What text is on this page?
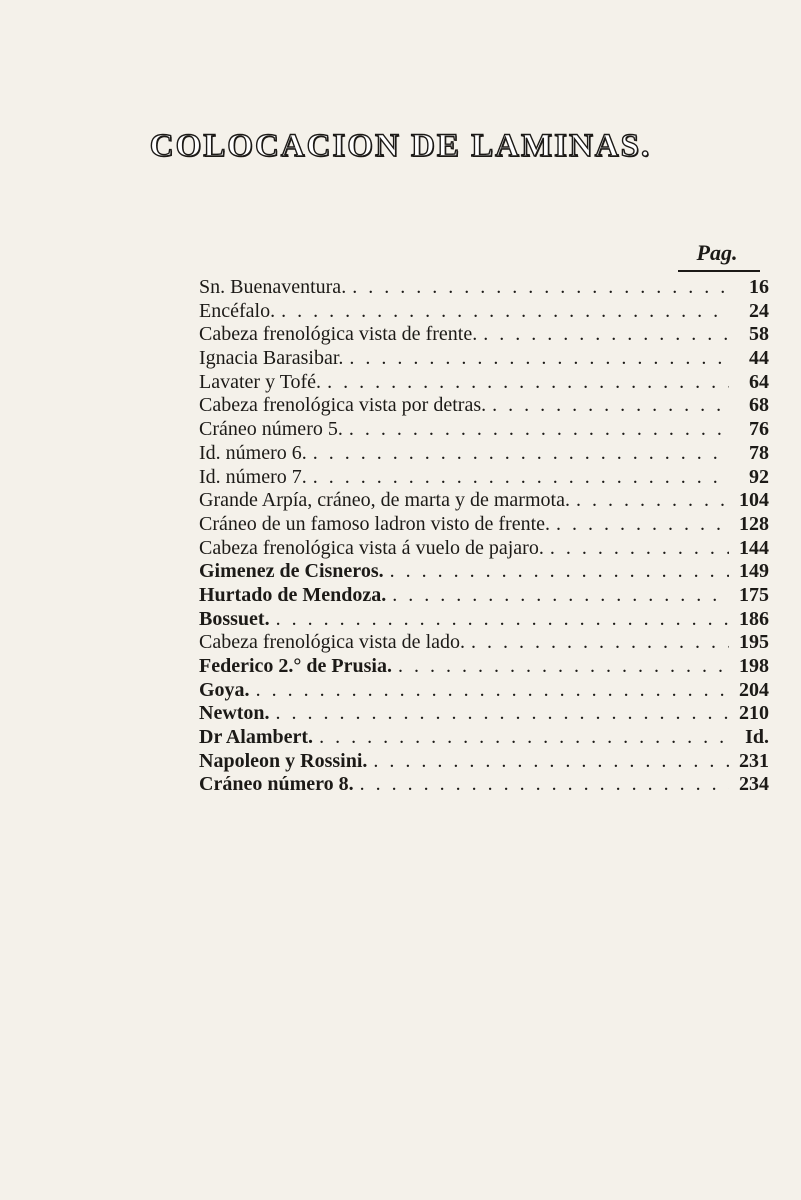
COLOCACION DE LAMINAS.
Pag.
Sn. Buenaventura. . . .	16
Encéfalo. . . .	24
Cabeza frenológica vista de frente. . . .	58
Ignacia Barasibar. . . .	44
Lavater y Tofé. . . .	64
Cabeza frenológica vista por detras. . . .	68
Cráneo número 5. . . .	76
Id. número 6. . . .	78
Id. número 7. . . .	92
Grande Arpía, cráneo, de marta y de marmota. . . .	104
Cráneo de un famoso ladron visto de frente. . . .	128
Cabeza frenológica vista á vuelo de pajaro. . . .	144
Gimenez de Cisneros. . . .	149
Hurtado de Mendoza. . . .	175
Bossuet. . . .	186
Cabeza frenológica vista de lado. . . .	195
Federico 2.° de Prusia. . . .	198
Goya. . . .	204
Newton. . . .	210
Dr Alambert. . . .	Id.
Napoleon y Rossini. . . .	231
Cráneo número 8. . . .	234
